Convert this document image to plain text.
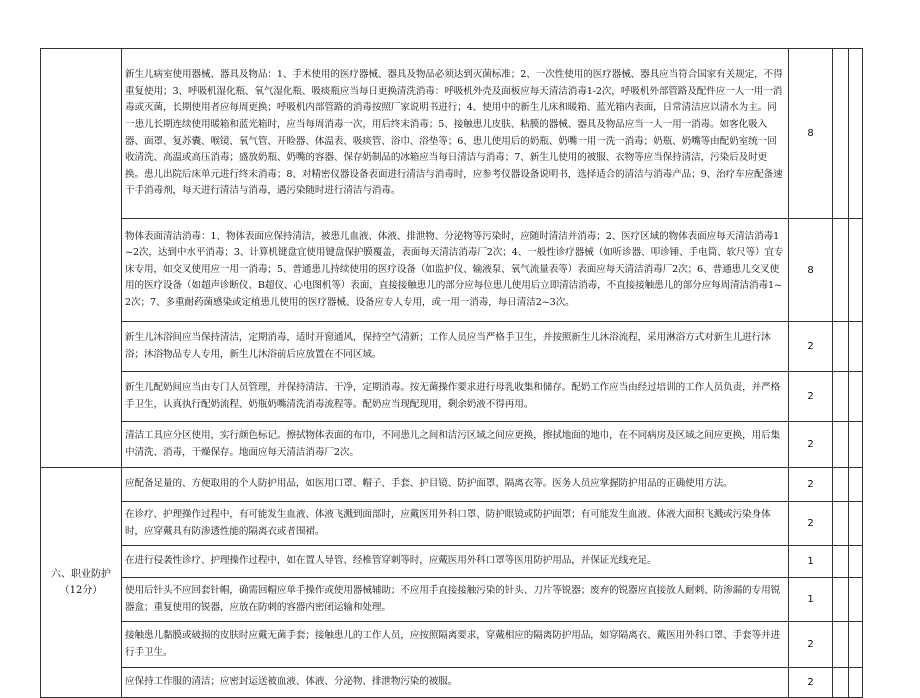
	新生儿病室使用器械、器具及物品：1、手术使用的医疗器械、器具及物品必须达到灭菌标准；2、一次性使用的医疗器械、器具应当符合国家有关规定，不得重复使用；3、呼吸机湿化瓶、氧气湿化瓶、吸痰瓶应当每日更换清洗消毒：呼吸机外壳及面板应每天清洁消毒1-2次，呼吸机外部管路及配件应一人一用一消毒或灭菌，长期使用者应每周更换；呼吸机内部管路的消毒按照厂家说明书进行；4、使用中的新生儿床和暖箱、蓝光箱内表面，日常清洁应以清水为主。同一患儿长期连续使用暖箱和蓝光箱时，应当每周消毒一次，用后终末消毒；5、接触患儿皮肤、粘膜的器械、器具及物品应当一人一用一消毒。如客化吸入器、面罩、复苏囊、喉镜、氧气管、开睑器、体温表、吸痰管、浴巾、浴垫等；6、患儿使用后的奶瓶、奶嘴一用一洗一消毒；奶瓶、奶嘴等由配奶室统一回收清洗、高温或高压消毒；盛放奶瓶、奶嘴的容器、保存奶制品的冰箱应当每日清洁与消毒；7、新生儿使用的被服、衣物等应当保持清洁，污染后及时更换。患儿出院后床单元进行终末消毒；8、对精密仪器设备表面进行清洁与消毒时，应参考仪器设备说明书，选择适合的清洁与消毒产品；9、治疗车应配备速干手消毒剂，每天进行清洁与消毒，遇污染随时进行清洁与消毒。	8		
	物体表面清洁消毒：1、物体表面应保持清洁，被患儿血液、体液、排泄物、分泌物等污染时，应随时清洁并消毒；2、医疗区域的物体表面应每天清洁消毒1~2次，达到中水平消毒；3、计算机键盘宜使用键盘保护膜覆盖，表面每天清洁消毒厂2次；4、一般性诊疗器械（如听诊器、叩诊锤、手电筒、软尺等）宜专床专用，如交叉使用应一用一消毒；5、普通患儿持续使用的医疗设备（如监护仪、输液泵、氧气流量表等）表面应每天清洁消毒厂2次；6、普通患儿交叉使用的医疗设备（如超声诊断仪、B超仪、心电图机等）表面，直接接触患儿的部分应每位患儿使用后立即清洁消毒，不直接接触患儿的部分应每周清洁消毒1~2次；7、多重耐药菌感染或定植患儿使用的医疗器械、设备应专人专用，或一用一消毒，每日清洁2~3次。	8		
	新生儿沐浴间应当保持清洁，定期消毒，适时开窗通风，保持空气清新；工作人员应当严格手卫生，并按照新生儿沐浴流程，采用淋浴方式对新生儿进行沐浴；沐浴物品专人专用，新生儿沐浴前后应放置在不同区域。	2		
	新生儿配奶间应当由专门人员管理，并保持清洁、干净，定期消毒。按无菌操作要求进行母乳收集和储存。配奶工作应当由经过培训的工作人员负责，并严格手卫生，认真执行配奶流程、奶瓶奶嘴清洗消毒流程等。配奶应当现配现用，剩余奶液不得再用。	2		
	清洁工具应分区使用，实行颜色标记。擦拭物体表面的布巾，不同患儿之间和洁污区域之间应更换，擦拭地面的地巾，在不同病房及区域之间应更换，用后集中清洗、消毒，干燥保存。地面应每天清洁消毒厂2次。	2		
六、职业防护（12分）	应配备足量的、方便取用的个人防护用品，如医用口罩、帽子、手套、护目镜、防护面罩、隔离衣等。医务人员应掌握防护用品的正确使用方法。	2		
	在诊疗、护理操作过程中，有可能发生血液、体液飞溅到面部时，应戴医用外科口罩、防护眼镜或防护面罩；有可能发生血液、体液大面积飞溅或污染身体时，应穿戴具有防渗透性能的隔离衣或者围裙。	2		
	在进行侵袭性诊疗、护理操作过程中，如在置人导管、经椎管穿刺等时，应戴医用外科口罩等医用防护用品，并保证光线充足。	1		
	使用后针头不应回套针帽，确需回帽应单手操作或使用器械辅助；不应用手直接接触污染的针头、刀片等锐器；废弃的锐器应直接放人耐刺、防渗漏的专用锐器盒；重复使用的锐器，应放在防刺的容器内密闭运输和处理。	1		
	接触患儿黏膜或破损的皮肤时应戴无菌手套；接触患儿的工作人员，应按照隔离要求，穿戴相应的隔离防护用品，如穿隔离衣、戴医用外科口罩、手套等并进行手卫生。	2		
	应保持工作服的清洁；应密封运送被血液、体液、分泌物、排泄物污染的被服。	2		
